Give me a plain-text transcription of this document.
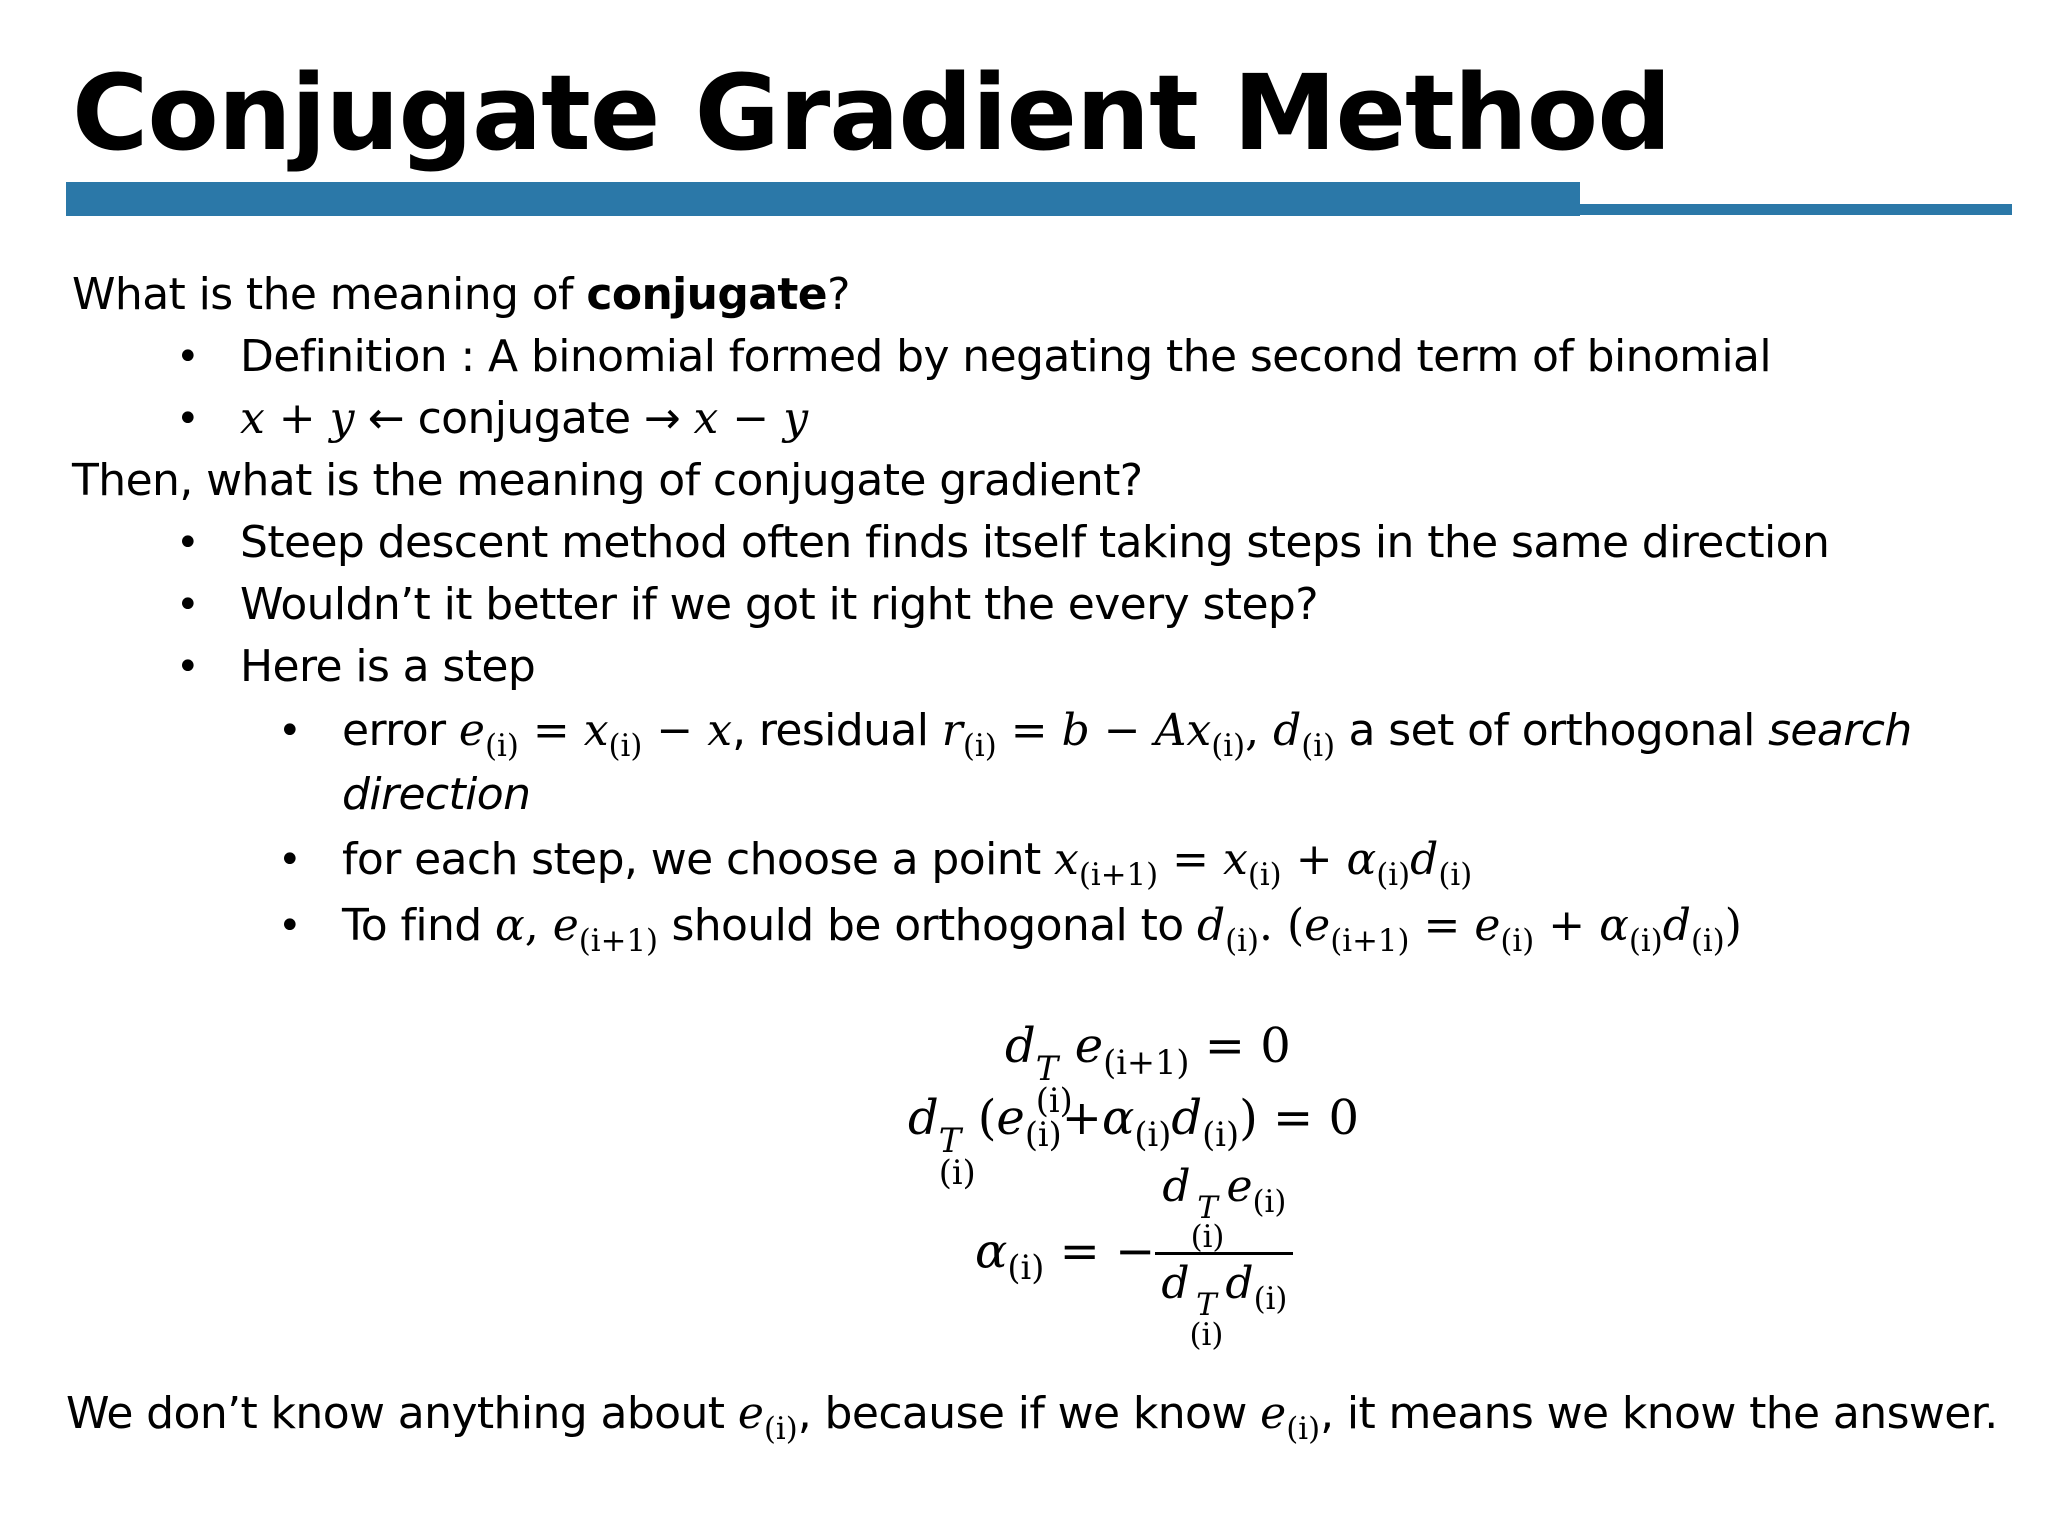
Conjugate Gradient Method
What is the meaning of conjugate?
• Definition : A binomial formed by negating the second term of binomial
• x + y ← conjugate → x − y
Then, what is the meaning of conjugate gradient?
• Steep descent method often finds itself taking steps in the same direction
• Wouldn’t it better if we got it right the every step?
• Here is a step
• error $e_{(i)} = x_{(i)} - x$, residual $r_{(i)} = b - Ax_{(i)}$, $d_{(i)}$ a set of orthogonal search
direction
• for each step, we choose a point $x_{(i+1)} = x_{(i)} + \alpha_{(i)}d_{(i)}$
• To find α, $e_{(i+1)}$ should be orthogonal to $d_{(i)}$. $(e_{(i+1)} = e_{(i)} + \alpha_{(i)}d_{(i)})$
d T
(i)
$e_{(i+1)} = 0$
d T
(i)
$(e_{(i)}+\alpha_{(i)}d_{(i)}) = 0$
$\alpha_{(i)}$ = − d T
(i)
$e_{(i)}$
d T
(i)
$d_{(i)}$
We don’t know anything about $e_{(i)}$, because if we know $e_{(i)}$, it means we know the answer.
